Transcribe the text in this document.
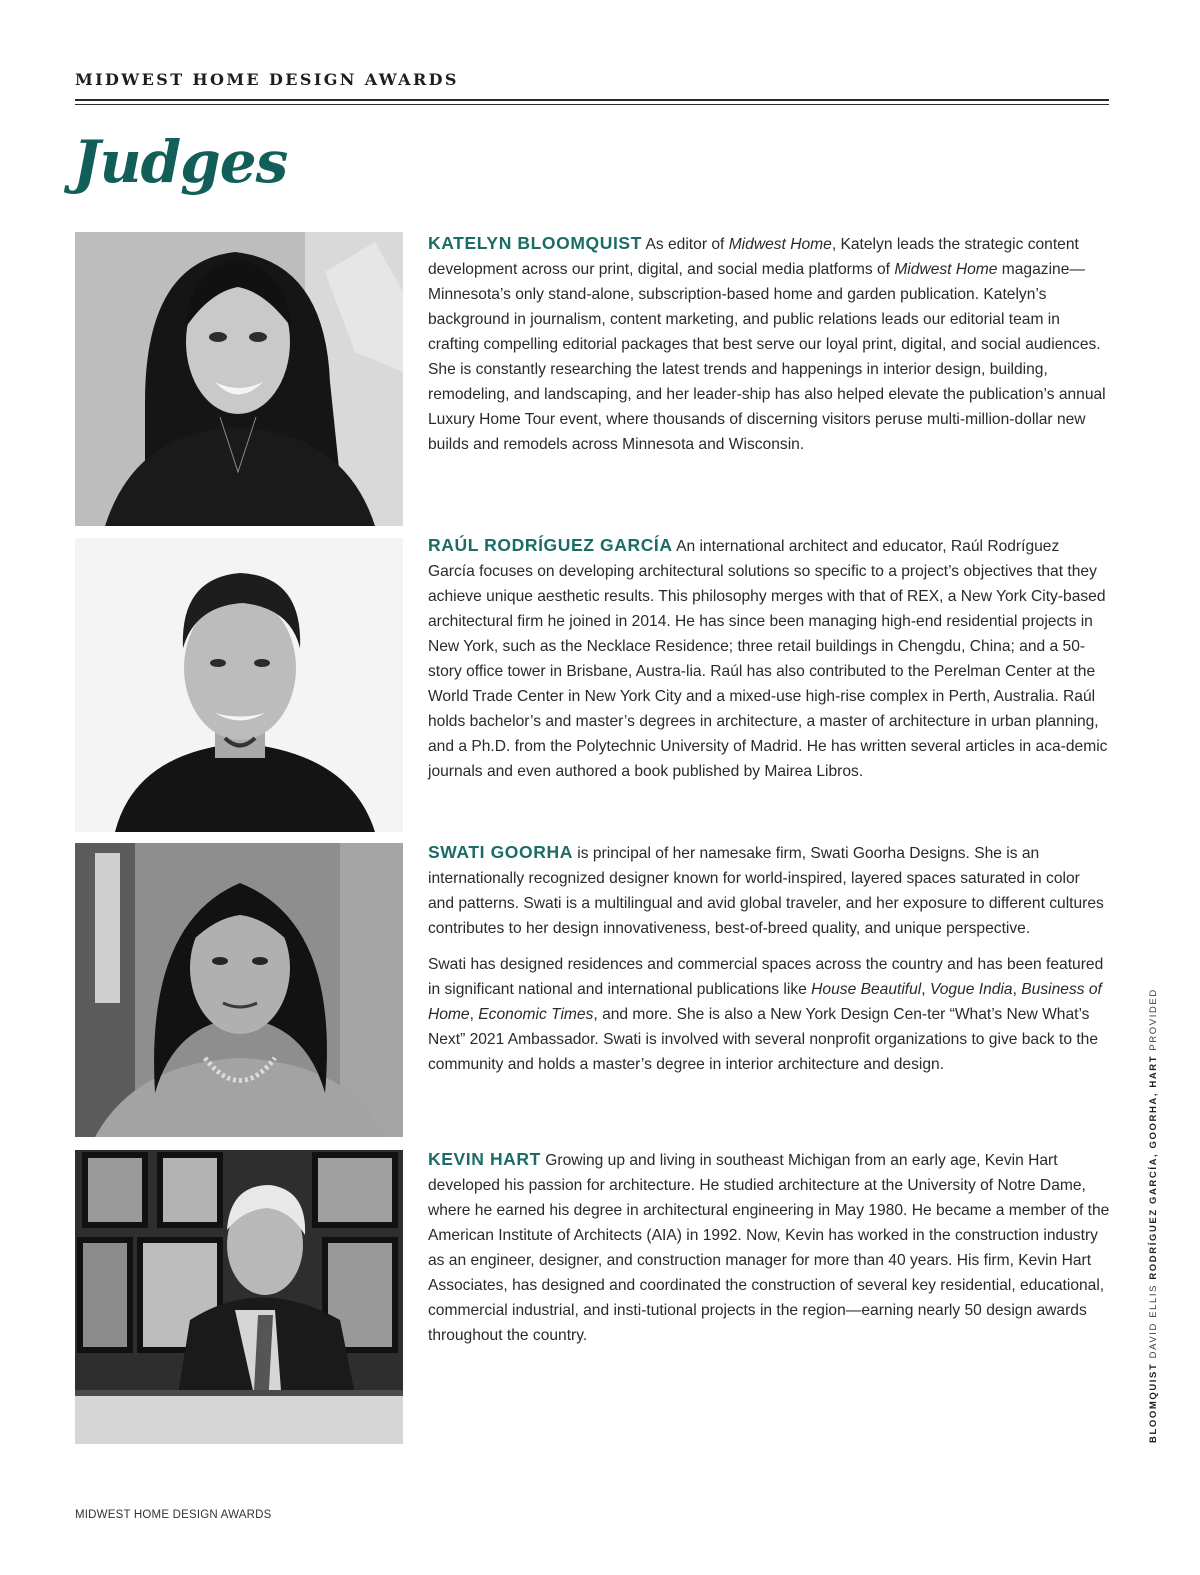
MIDWEST HOME DESIGN AWARDS
Judges

KATELYN BLOOMQUIST As editor of Midwest Home, Katelyn leads the strategic content development across our print, digital, and social media platforms of Midwest Home magazine—Minnesota’s only stand-alone, subscription-based home and garden publication. Katelyn’s background in journalism, content marketing, and public relations leads our editorial team in crafting compelling editorial packages that best serve our loyal print, digital, and social audiences. She is constantly researching the latest trends and happenings in interior design, building, remodeling, and landscaping, and her leader-ship has also helped elevate the publication’s annual Luxury Home Tour event, where thousands of discerning visitors peruse multi-million-dollar new builds and remodels across Minnesota and Wisconsin.

RAÚL RODRÍGUEZ GARCÍA An international architect and educator, Raúl Rodríguez García focuses on developing architectural solutions so specific to a project’s objectives that they achieve unique aesthetic results. This philosophy merges with that of REX, a New York City-based architectural firm he joined in 2014. He has since been managing high-end residential projects in New York, such as the Necklace Residence; three retail buildings in Chengdu, China; and a 50-story office tower in Brisbane, Austra-lia. Raúl has also contributed to the Perelman Center at the World Trade Center in New York City and a mixed-use high-rise complex in Perth, Australia. Raúl holds bachelor’s and master’s degrees in architecture, a master of architecture in urban planning, and a Ph.D. from the Polytechnic University of Madrid. He has written several articles in aca-demic journals and even authored a book published by Mairea Libros.

SWATI GOORHA is principal of her namesake firm, Swati Goorha Designs. She is an internationally recognized designer known for world-inspired, layered spaces saturated in color and patterns. Swati is a multilingual and avid global traveler, and her exposure to different cultures contributes to her design innovativeness, best-of-breed quality, and unique perspective.

Swati has designed residences and commercial spaces across the country and has been featured in significant national and international publications like House Beautiful, Vogue India, Business of Home, Economic Times, and more. She is also a New York Design Cen-ter “What’s New What’s Next” 2021 Ambassador. Swati is involved with several nonprofit organizations to give back to the community and holds a master’s degree in interior architecture and design.

KEVIN HART Growing up and living in southeast Michigan from an early age, Kevin Hart developed his passion for architecture. He studied architecture at the University of Notre Dame, where he earned his degree in architectural engineering in May 1980. He became a member of the American Institute of Architects (AIA) in 1992. Now, Kevin has worked in the construction industry as an engineer, designer, and construction manager for more than 40 years. His firm, Kevin Hart Associates, has designed and coordinated the construction of several key residential, educational, commercial industrial, and insti-tutional projects in the region—earning nearly 50 design awards throughout the country.

BLOOMQUIST DAVID ELLIS RODRÍGUEZ GARCÍA, GOORHA, HART PROVIDED
MIDWEST HOME DESIGN AWARDS
